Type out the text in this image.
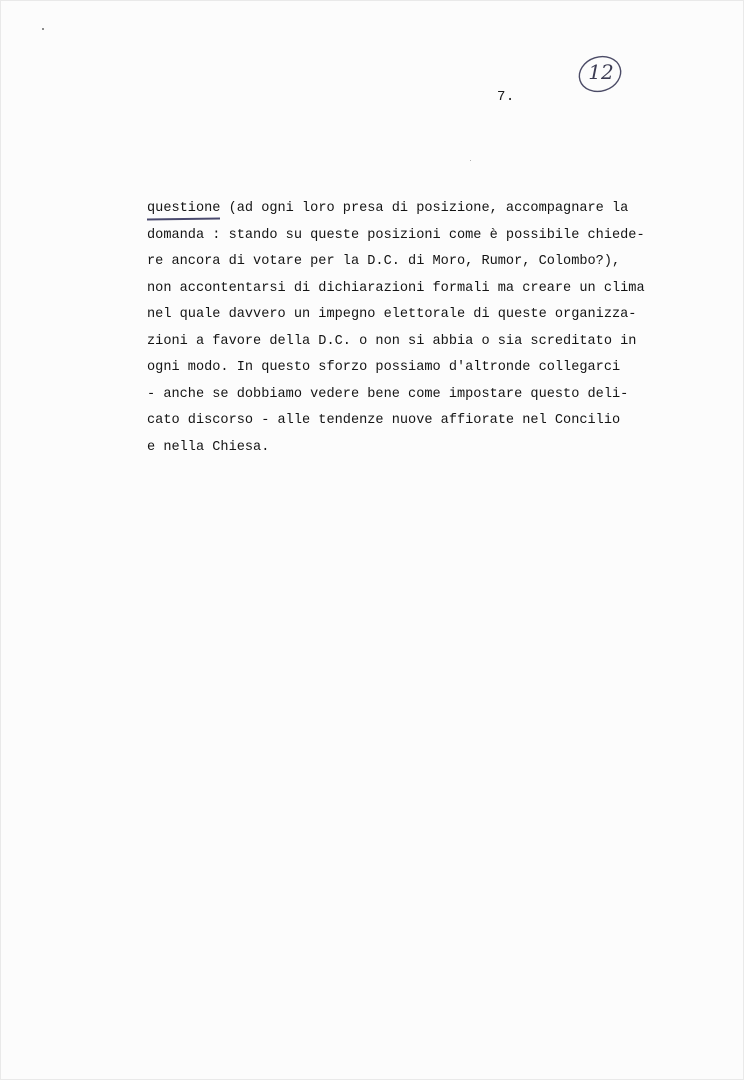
12
7.
questione (ad ogni loro presa di posizione, accompagnare la
domanda : stando su queste posizioni come è possibile chiede-
re ancora di votare per la D.C. di Moro, Rumor, Colombo?),
non accontentarsi di dichiarazioni formali ma creare un clima
nel quale davvero un impegno elettorale di queste organizza-
zioni a favore della D.C. o non si abbia o sia screditato in
ogni modo. In questo sforzo possiamo d'altronde collegarci
- anche se dobbiamo vedere bene come impostare questo deli-
cato discorso - alle tendenze nuove affiorate nel Concilio
e nella Chiesa.
